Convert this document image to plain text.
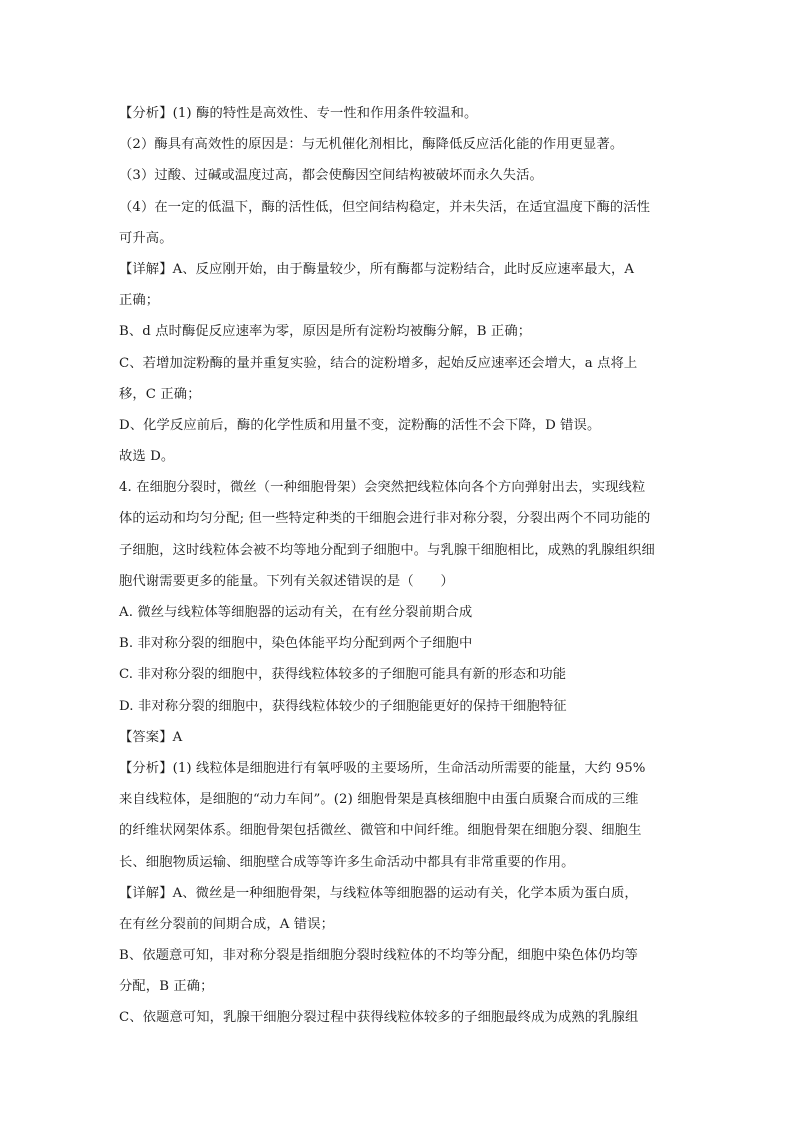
【分析】(1) 酶的特性是高效性、专一性和作用条件较温和。
（2）酶具有高效性的原因是：与无机催化剂相比，酶降低反应活化能的作用更显著。
（3）过酸、过碱或温度过高，都会使酶因空间结构被破坏而永久失活。
（4）在一定的低温下，酶的活性低，但空间结构稳定，并未失活，在适宜温度下酶的活性
可升高。
【详解】A、反应刚开始，由于酶量较少，所有酶都与淀粉结合，此时反应速率最大，A
正确；
B、d 点时酶促反应速率为零，原因是所有淀粉均被酶分解，B 正确；
C、若增加淀粉酶的量并重复实验，结合的淀粉增多，起始反应速率还会增大，a 点将上
移，C 正确；
D、化学反应前后，酶的化学性质和用量不变，淀粉酶的活性不会下降，D 错误。
故选 D。
4. 在细胞分裂时，微丝（一种细胞骨架）会突然把线粒体向各个方向弹射出去，实现线粒
体的运动和均匀分配; 但一些特定种类的干细胞会进行非对称分裂，分裂出两个不同功能的
子细胞，这时线粒体会被不均等地分配到子细胞中。与乳腺干细胞相比，成熟的乳腺组织细
胞代谢需要更多的能量。下列有关叙述错误的是（　　）
A. 微丝与线粒体等细胞器的运动有关，在有丝分裂前期合成
B. 非对称分裂的细胞中，染色体能平均分配到两个子细胞中
C. 非对称分裂的细胞中，获得线粒体较多的子细胞可能具有新的形态和功能
D. 非对称分裂的细胞中，获得线粒体较少的子细胞能更好的保持干细胞特征
【答案】A
【分析】(1) 线粒体是细胞进行有氧呼吸的主要场所，生命活动所需要的能量，大约 95%
来自线粒体，是细胞的“动力车间”。(2) 细胞骨架是真核细胞中由蛋白质聚合而成的三维
的纤维状网架体系。细胞骨架包括微丝、微管和中间纤维。细胞骨架在细胞分裂、细胞生
长、细胞物质运输、细胞壁合成等等许多生命活动中都具有非常重要的作用。
【详解】A、微丝是一种细胞骨架，与线粒体等细胞器的运动有关，化学本质为蛋白质，
在有丝分裂前的间期合成，A 错误；
B、依题意可知，非对称分裂是指细胞分裂时线粒体的不均等分配，细胞中染色体仍均等
分配，B 正确；
C、依题意可知，乳腺干细胞分裂过程中获得线粒体较多的子细胞最终成为成熟的乳腺组
